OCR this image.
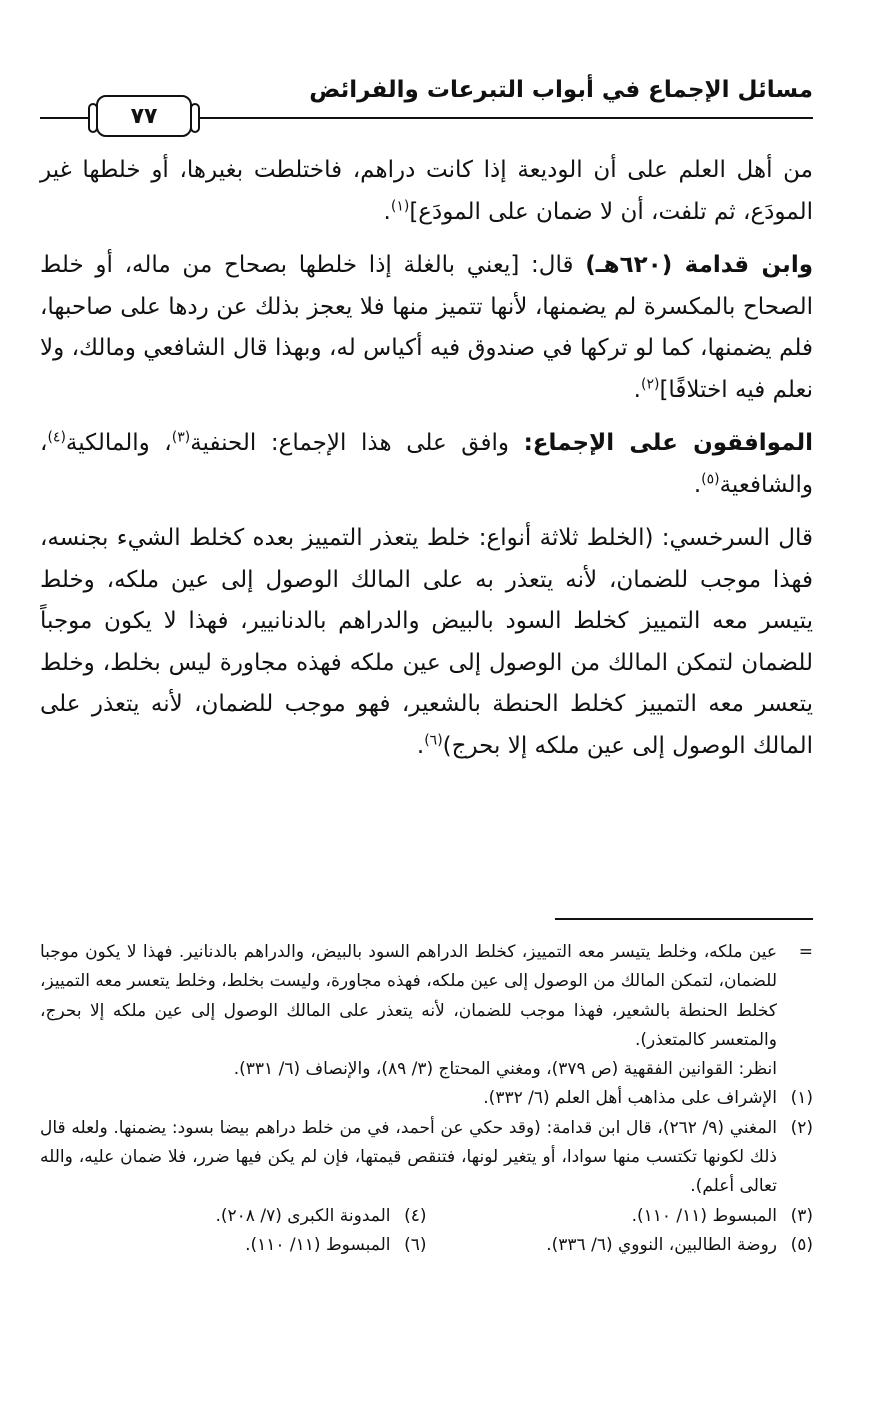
مسائل الإجماع في أبواب التبرعات والفرائض
٧٧

من أهل العلم على أن الوديعة إذا كانت دراهم، فاختلطت بغيرها، أو خلطها غير المودَع، ثم تلفت، أن لا ضمان على المودَع]$^{(١)}$.

وابن قدامة (٦٢٠هـ) قال: [يعني بالغلة إذا خلطها بصحاح من ماله، أو خلط الصحاح بالمكسرة لم يضمنها، لأنها تتميز منها فلا يعجز بذلك عن ردها على صاحبها، فلم يضمنها، كما لو تركها في صندوق فيه أكياس له، وبهذا قال الشافعي ومالك، ولا نعلم فيه اختلافًا]$^{(٢)}$.

الموافقون على الإجماع: وافق على هذا الإجماع: الحنفية$^{(٣)}$، والمالكية$^{(٤)}$، والشافعية$^{(٥)}$.

قال السرخسي: (الخلط ثلاثة أنواع: خلط يتعذر التمييز بعده كخلط الشيء بجنسه، فهذا موجب للضمان، لأنه يتعذر به على المالك الوصول إلى عين ملكه، وخلط يتيسر معه التمييز كخلط السود بالبيض والدراهم بالدنانيير، فهذا لا يكون موجباً للضمان لتمكن المالك من الوصول إلى عين ملكه فهذه مجاورة ليس بخلط، وخلط يتعسر معه التمييز كخلط الحنطة بالشعير، فهو موجب للضمان، لأنه يتعذر على المالك الوصول إلى عين ملكه إلا بحرج)$^{(٦)}$.

=
عين ملكه، وخلط يتيسر معه التمييز، كخلط الدراهم السود بالبيض، والدراهم بالدنانير. فهذا لا يكون موجبا للضمان، لتمكن المالك من الوصول إلى عين ملكه، فهذه مجاورة، وليست بخلط، وخلط يتعسر معه التمييز، كخلط الحنطة بالشعير، فهذا موجب للضمان، لأنه يتعذر على المالك الوصول إلى عين ملكه إلا بحرج، والمتعسر كالمتعذر).
انظر: القوانين الفقهية (ص ٣٧٩)، ومغني المحتاج (٣/ ٨٩)، والإنصاف (٦/ ٣٣١).
(١)
الإشراف على مذاهب أهل العلم (٦/ ٣٣٢).
(٢)
المغني (٩/ ٢٦٢)، قال ابن قدامة: (وقد حكي عن أحمد، في من خلط دراهم بيضا بسود: يضمنها. ولعله قال ذلك لكونها تكتسب منها سوادا، أو يتغير لونها، فتنقص قيمتها، فإن لم يكن فيها ضرر، فلا ضمان عليه، والله تعالى أعلم).
(٣)
المبسوط (١١/ ١١٠).
(٤)
المدونة الكبرى (٧/ ٢٠٨).
(٥)
روضة الطالبين، النووي (٦/ ٣٣٦).
(٦)
المبسوط (١١/ ١١٠).
